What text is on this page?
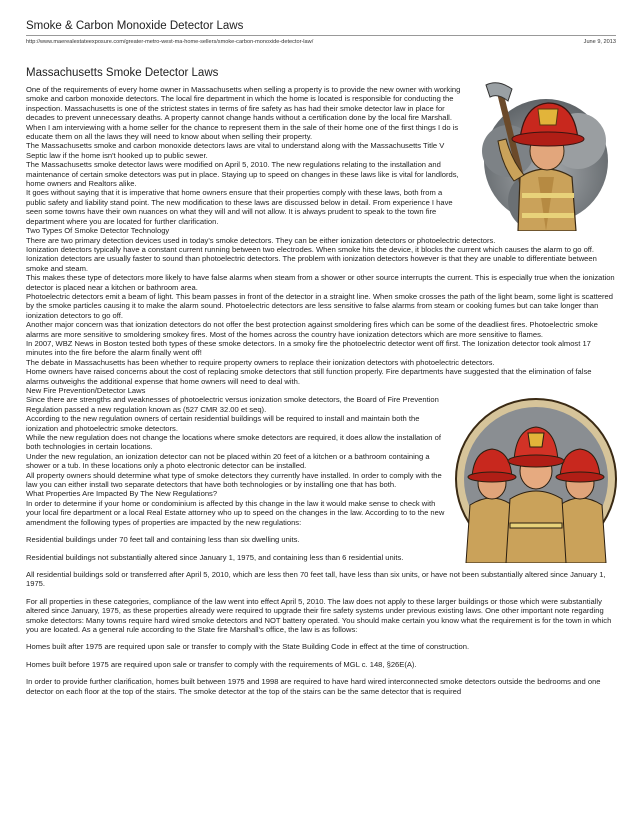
Smoke & Carbon Monoxide Detector Laws
http://www.maerealestateexposure.com/greater-metro-west-ma-home-sellers/smoke-carbon-monoxide-detector-law/	June 9, 2013
Massachusetts Smoke Detector Laws

One of the requirements of every home owner in Massachusetts when selling a property is to provide the new owner with working smoke and carbon monoxide detectors. The local fire department in which the home is located is responsible for conducting the inspection. Massachusetts is one of the strictest states in terms of fire safety as has had their smoke detector law in place for decades to prevent unnecessary deaths. A property cannot change hands without a certification done by the local fire Marshall.

When I am interviewing with a home seller for the chance to represent them in the sale of their home one of the first things I do is educate them on all the laws they will need to know about when selling their property.

The Massachusetts smoke and carbon monoxide detectors laws are vital to understand along with the Massachusetts Title V Septic law if the home isn't hooked up to public sewer.

The Massachusetts smoke detector laws were modified on April 5, 2010. The new regulations relating to the installation and maintenance of certain smoke detectors was put in place. Staying up to speed on changes in these laws like is vital for landlords, home owners and Realtors alike.

It goes without saying that it is imperative that home owners ensure that their properties comply with these laws, both from a public safety and liability stand point. The new modification to these laws are discussed below in detail. From experience I have seen some towns have their own nuances on what they will and will not allow. It is always prudent to speak to the town fire department where you are located for further clarification.

Two Types Of Smoke Detector Technology

There are two primary detection devices used in today's smoke detectors. They can be either ionization detectors or photoelectric detectors.

Ionization detectors typically have a constant current running between two electrodes. When smoke hits the device, it blocks the current which causes the alarm to go off.

Ionization detectors are usually faster to sound than photoelectric detectors. The problem with ionization detectors however is that they are unable to differentiate between smoke and steam.

This makes these type of detectors more likely to have false alarms when steam from a shower or other source interrupts the current. This is especially true when the ionization detector is placed near a kitchen or bathroom area.

Photoelectric detectors emit a beam of light. This beam passes in front of the detector in a straight line. When smoke crosses the path of the light beam, some light is scattered by the smoke particles causing it to make the alarm sound. Photoelectric detectors are less sensitive to false alarms from steam or cooking fumes but can take longer than ionization detectors to go off.

Another major concern was that ionization detectors do not offer the best protection against smoldering fires which can be some of the deadliest fires. Photoelectric smoke alarms are more sensitive to smoldering smokey fires. Most of the homes across the country have ionization detectors which are more sensitive to flames.

In 2007, WBZ News in Boston tested both types of these smoke detectors. In a smoky fire the photoelectric detector went off first. The Ionization detector took almost 17 minutes into the fire before the alarm finally went off!

The debate in Massachusetts has been whether to require property owners to replace their ionization detectors with photoelectric detectors.

Home owners have raised concerns about the cost of replacing smoke detectors that still function properly. Fire departments have suggested that the elimination of false alarms outweighs the additional expense that home owners will need to deal with.

New Fire Prevention/Detector Laws

Since there are strengths and weaknesses of photoelectric versus ionization smoke detectors, the Board of Fire Prevention Regulation passed a new regulation known as (527 CMR 32.00 et seq).

According to the new regulation owners of certain residential buildings will be required to install and maintain both the ionization and photoelectric smoke detectors.

While the new regulation does not change the locations where smoke detectors are required, it does allow the installation of both technologies in certain locations.

Under the new regulation, an ionization detector can not be placed within 20 feet of a kitchen or a bathroom containing a shower or a tub. In these locations only a photo electronic detector can be installed.

All property owners should determine what type of smoke detectors they currently have installed. In order to comply with the law you can either install two separate detectors that have both technologies or by installing one that has both.

What Properties Are Impacted By The New Regulations?

In order to determine if your home or condominium is affected by this change in the law it would make sense to check with your local fire department or a local Real Estate attorney who up to speed on the changes in the law. According to to the new amendment the following types of properties are impacted by the new regulations:

Residential buildings under 70 feet tall and containing less than six dwelling units.

Residential buildings not substantially altered since January 1, 1975, and containing less than 6 residential units.

All residential buildings sold or transferred after April 5, 2010, which are less then 70 feet tall, have less than six units, or have not been substantially altered since January 1, 1975.

For all properties in these categories, compliance of the law went into effect April 5, 2010. The law does not apply to these larger buildings or those which were substantially altered since January, 1975, as these properties already were required to upgrade their fire safety systems under previous existing laws. One other important note regarding smoke detectors: Many towns require hard wired smoke detectors and NOT battery operated. You should make certain you know what the requirement is for the town in which you are located. As a general rule according to the State fire Marshall's office, the law is as follows:

Homes built after 1975 are required upon sale or transfer to comply with the State Building Code in effect at the time of construction.

Homes built before 1975 are required upon sale or transfer to comply with the requirements of MGL c. 148, §26E(A).

In order to provide further clarification, homes built between 1975 and 1998 are required to have hard wired interconnected smoke detectors outside the bedrooms and one detector on each floor at the top of the stairs. The smoke detector at the top of the stairs can be the same detector that is required
